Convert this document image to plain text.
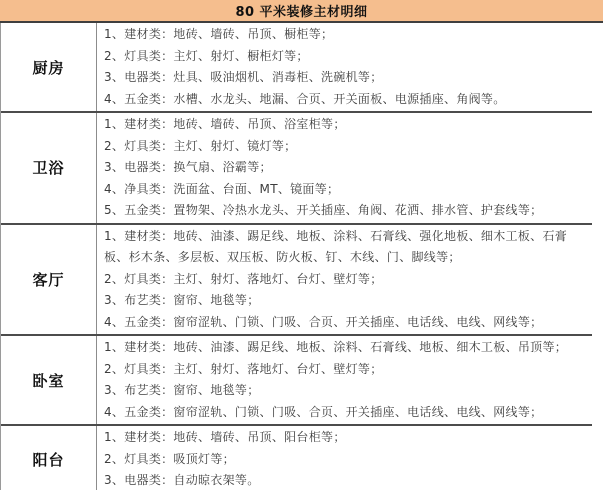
80 平米装修主材明细
厨房

1、建材类：地砖、墙砖、吊顶、橱柜等；

2、灯具类：主灯、射灯、橱柜灯等；

3、电器类：灶具、吸油烟机、消毒柜、洗碗机等；

4、五金类：水槽、水龙头、地漏、合页、开关面板、电源插座、角阀等。

卫浴

1、建材类：地砖、墙砖、吊顶、浴室柜等；

2、灯具类：主灯、射灯、镜灯等；

3、电器类：换气扇、浴霸等；

4、净具类：洗面盆、台面、MT、镜面等；

5、五金类：置物架、冷热水龙头、开关插座、角阀、花洒、排水管、护套线等；

客厅

1、建材类：地砖、油漆、踢足线、地板、涂料、石膏线、强化地板、细木工板、石膏板、杉木条、多层板、双压板、防火板、钉、木线、门、脚线等；

2、灯具类：主灯、射灯、落地灯、台灯、壁灯等；

3、布艺类：窗帘、地毯等；

4、五金类：窗帘涩轨、门锁、门吸、合页、开关插座、电话线、电线、网线等；

卧室

1、建材类：地砖、油漆、踢足线、地板、涂料、石膏线、地板、细木工板、吊顶等；

2、灯具类：主灯、射灯、落地灯、台灯、壁灯等；

3、布艺类：窗帘、地毯等；

4、五金类：窗帘涩轨、门锁、门吸、合页、开关插座、电话线、电线、网线等；

阳台

1、建材类：地砖、墙砖、吊顶、阳台柜等；

2、灯具类：吸顶灯等；

3、电器类：自动晾衣架等。
